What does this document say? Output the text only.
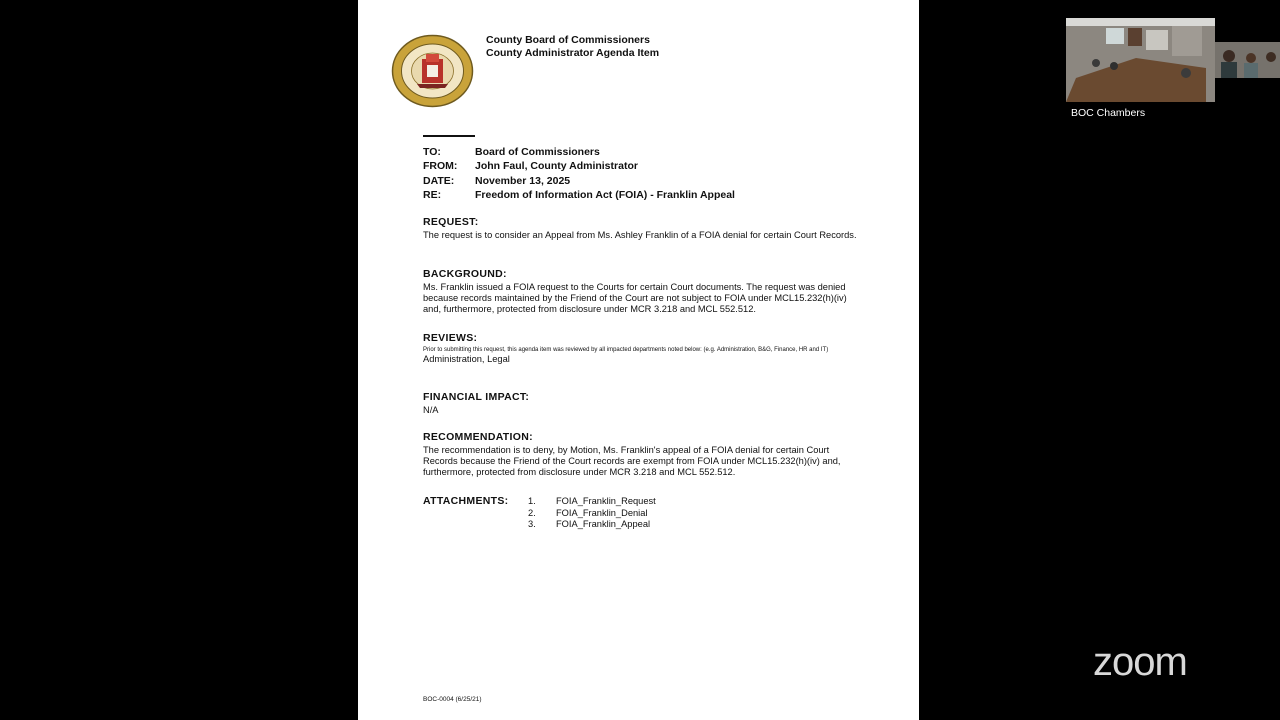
County Board of Commissioners
County Administrator Agenda Item
TO:	Board of Commissioners
FROM:	John Faul, County Administrator
DATE:	November 13, 2025
RE:	Freedom of Information Act (FOIA) - Franklin Appeal
REQUEST:
The request is to consider an Appeal from Ms. Ashley Franklin of a FOIA denial for certain Court Records.
BACKGROUND:
Ms. Franklin issued a FOIA request to the Courts for certain Court documents. The request was denied because records maintained by the Friend of the Court are not subject to FOIA under MCL15.232(h)(iv) and, furthermore, protected from disclosure under MCR 3.218 and MCL 552.512.
REVIEWS:
Prior to submitting this request, this agenda item was reviewed by all impacted departments noted below: (e.g. Administration, B&G, Finance, HR and IT)
Administration, Legal
FINANCIAL IMPACT:
N/A
RECOMMENDATION:
The recommendation is to deny, by Motion, Ms. Franklin's appeal of a FOIA denial for certain Court Records because the Friend of the Court records are exempt from FOIA under MCL15.232(h)(iv) and, furthermore, protected from disclosure under MCR 3.218 and MCL 552.512.
ATTACHMENTS: 1.	FOIA_Franklin_Request
2.	FOIA_Franklin_Denial
3.	FOIA_Franklin_Appeal
BOC-0004 (6/25/21)
BOC Chambers
zoom
